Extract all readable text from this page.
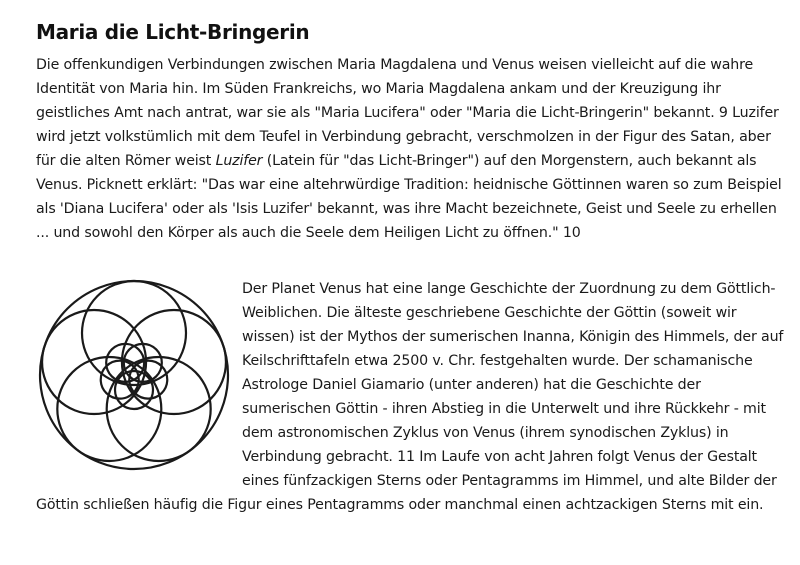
Maria die Licht-Bringerin

Die offenkundigen Verbindungen zwischen Maria Magdalena und Venus weisen vielleicht auf die wahre Identität von Maria hin. Im Süden Frankreichs, wo Maria Magdalena ankam und der Kreuzigung ihr geistliches Amt nach antrat, war sie als "Maria Lucifera" oder "Maria die Licht-Bringerin" bekannt. 9 Luzifer wird jetzt volkstümlich mit dem Teufel in Verbindung gebracht, verschmolzen in der Figur des Satan, aber für die alten Römer weist Luzifer (Latein für "das Licht-Bringer") auf den Morgenstern, auch bekannt als Venus. Picknett erklärt: "Das war eine altehrwürdige Tradition: heidnische Göttinnen waren so zum Beispiel als 'Diana Lucifera' oder als 'Isis Luzifer' bekannt, was ihre Macht bezeichnete, Geist und Seele zu erhellen ... und sowohl den Körper als auch die Seele dem Heiligen Licht zu öffnen." 10

Der Planet Venus hat eine lange Geschichte der Zuordnung zu dem Göttlich-Weiblichen. Die älteste geschriebene Geschichte der Göttin (soweit wir wissen) ist der Mythos der sumerischen Inanna, Königin des Himmels, der auf Keilschrifttafeln etwa 2500 v. Chr. festgehalten wurde. Der schamanische Astrologe Daniel Giamario (unter anderen) hat die Geschichte der sumerischen Göttin - ihren Abstieg in die Unterwelt und ihre Rückkehr - mit dem astronomischen Zyklus von Venus (ihrem synodischen Zyklus) in Verbindung gebracht. 11 Im Laufe von acht Jahren folgt Venus der Gestalt eines fünfzackigen Sterns oder Pentagramms im Himmel, und alte Bilder der Göttin schließen häufig die Figur eines Pentagramms oder manchmal einen achtzackigen Sterns mit ein.
